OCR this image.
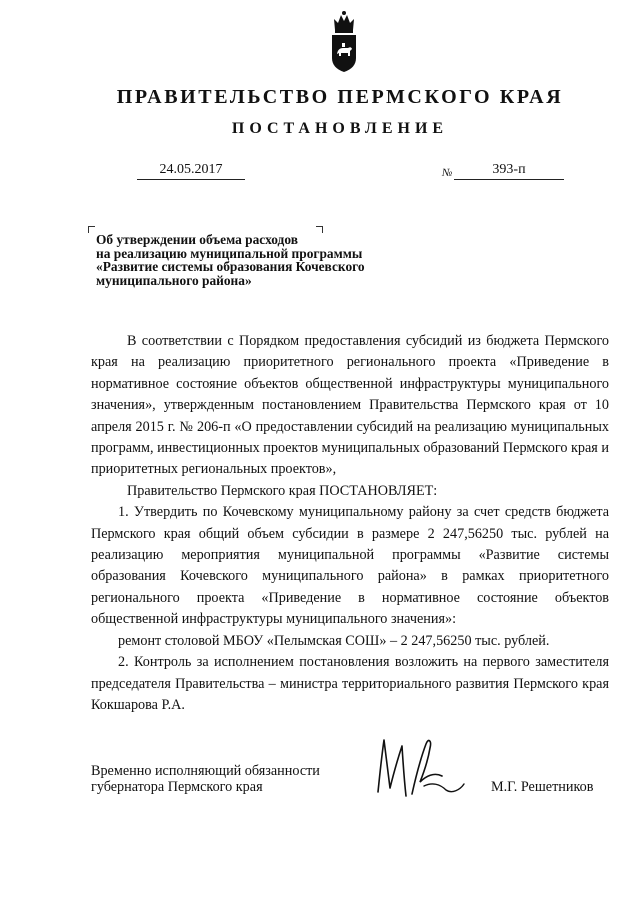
ПРАВИТЕЛЬСТВО ПЕРМСКОГО КРАЯ
ПОСТАНОВЛЕНИЕ
24.05.2017	№	393-п
Об утверждении объема расходов
на реализацию муниципальной программы
«Развитие системы образования Кочевского
муниципального района»

В соответствии с Порядком предоставления субсидий из бюджета Пермского края на реализацию приоритетного регионального проекта «Приведение в нормативное состояние объектов общественной инфраструктуры муниципального значения», утвержденным постановлением Правительства Пермского края от 10 апреля 2015 г. № 206-п «О предоставлении субсидий на реализацию муниципальных программ, инвестиционных проектов муниципальных образований Пермского края и приоритетных региональных проектов»,

Правительство Пермского края ПОСТАНОВЛЯЕТ:

1. Утвердить по Кочевскому муниципальному району за счет средств бюджета Пермского края общий объем субсидии в размере 2 247,56250 тыс. рублей на реализацию мероприятия муниципальной программы «Развитие системы образования Кочевского муниципального района» в рамках приоритетного регионального проекта «Приведение в нормативное состояние объектов общественной инфраструктуры муниципального значения»:

ремонт столовой МБОУ «Пелымская СОШ» – 2 247,56250 тыс. рублей.

2. Контроль за исполнением постановления возложить на первого заместителя председателя Правительства – министра территориального развития Пермского края Кокшарова Р.А.

Временно исполняющий обязанности
губернатора Пермского края	М.Г. Решетников
